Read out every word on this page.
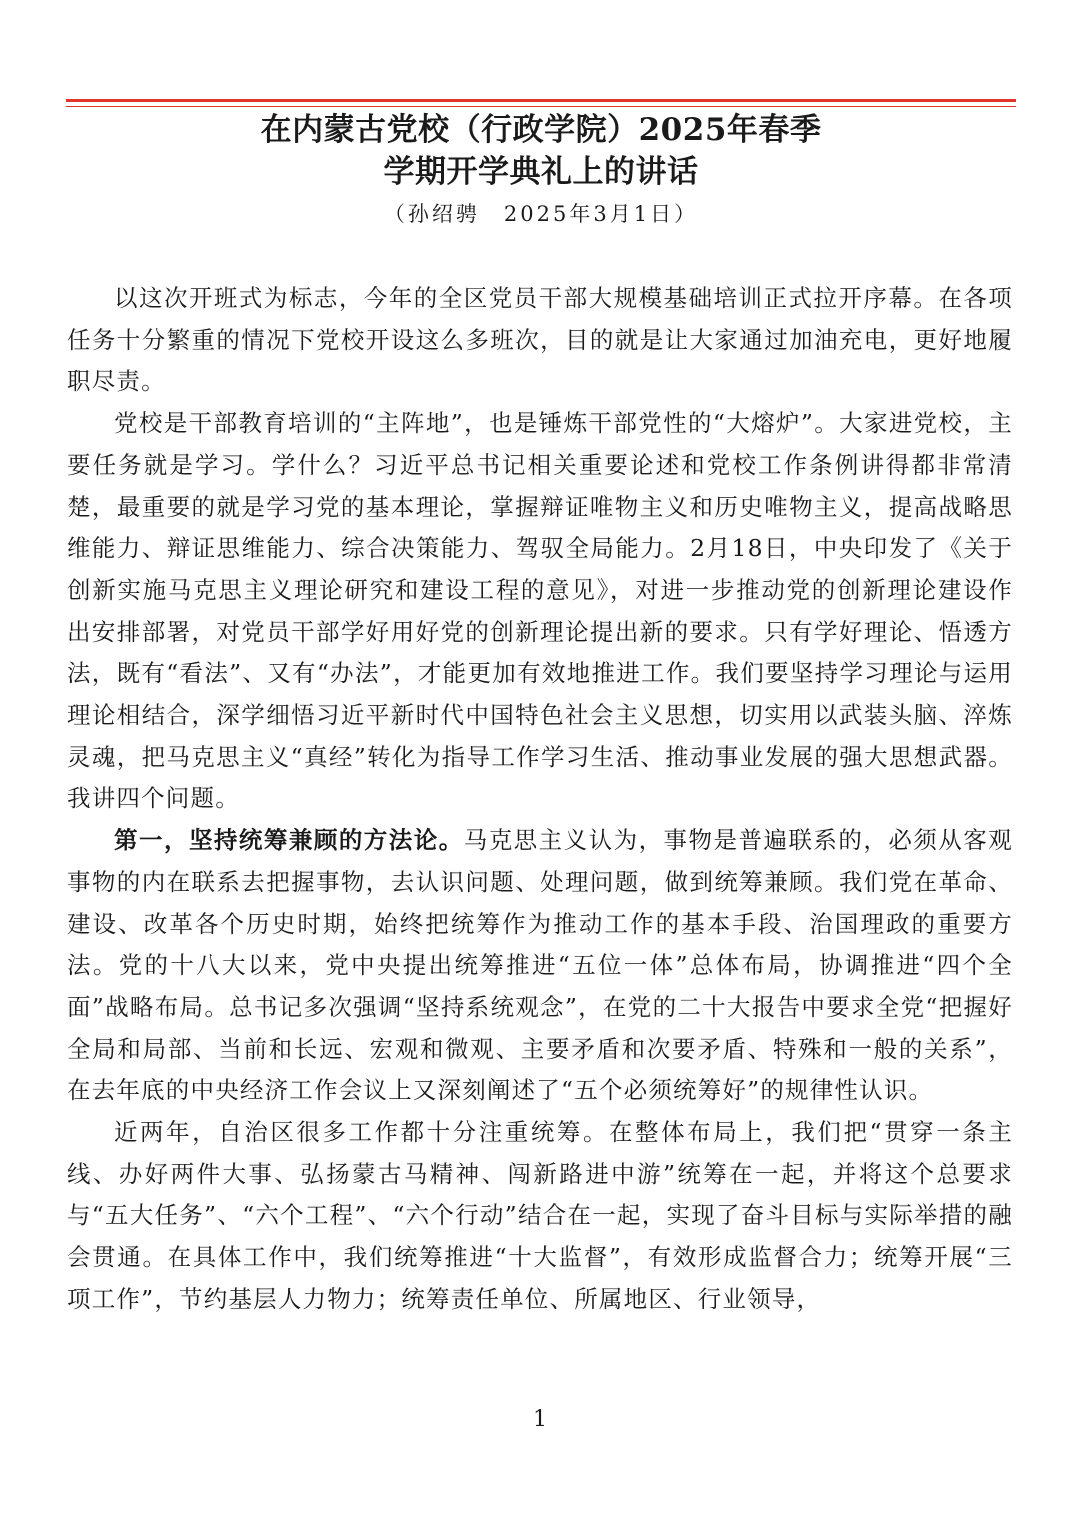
在内蒙古党校（行政学院）2025年春季
学期开学典礼上的讲话
（孙绍骋　2025年3月1日）

以这次开班式为标志，今年的全区党员干部大规模基础培训正式拉开序幕。在各项任务十分繁重的情况下党校开设这么多班次，目的就是让大家通过加油充电，更好地履职尽责。

党校是干部教育培训的“主阵地”，也是锤炼干部党性的“大熔炉”。大家进党校，主要任务就是学习。学什么？习近平总书记相关重要论述和党校工作条例讲得都非常清楚，最重要的就是学习党的基本理论，掌握辩证唯物主义和历史唯物主义，提高战略思维能力、辩证思维能力、综合决策能力、驾驭全局能力。2月18日，中央印发了《关于创新实施马克思主义理论研究和建设工程的意见》，对进一步推动党的创新理论建设作出安排部署，对党员干部学好用好党的创新理论提出新的要求。只有学好理论、悟透方法，既有“看法”、又有“办法”，才能更加有效地推进工作。我们要坚持学习理论与运用理论相结合，深学细悟习近平新时代中国特色社会主义思想，切实用以武装头脑、淬炼灵魂，把马克思主义“真经”转化为指导工作学习生活、推动事业发展的强大思想武器。我讲四个问题。

第一，坚持统筹兼顾的方法论。马克思主义认为，事物是普遍联系的，必须从客观事物的内在联系去把握事物，去认识问题、处理问题，做到统筹兼顾。我们党在革命、建设、改革各个历史时期，始终把统筹作为推动工作的基本手段、治国理政的重要方法。党的十八大以来，党中央提出统筹推进“五位一体”总体布局，协调推进“四个全面”战略布局。总书记多次强调“坚持系统观念”，在党的二十大报告中要求全党“把握好全局和局部、当前和长远、宏观和微观、主要矛盾和次要矛盾、特殊和一般的关系”，在去年底的中央经济工作会议上又深刻阐述了“五个必须统筹好”的规律性认识。

近两年，自治区很多工作都十分注重统筹。在整体布局上，我们把“贯穿一条主线、办好两件大事、弘扬蒙古马精神、闯新路进中游”统筹在一起，并将这个总要求与“五大任务”、“六个工程”、“六个行动”结合在一起，实现了奋斗目标与实际举措的融会贯通。在具体工作中，我们统筹推进“十大监督”，有效形成监督合力；统筹开展“三项工作”，节约基层人力物力；统筹责任单位、所属地区、行业领导，

1
